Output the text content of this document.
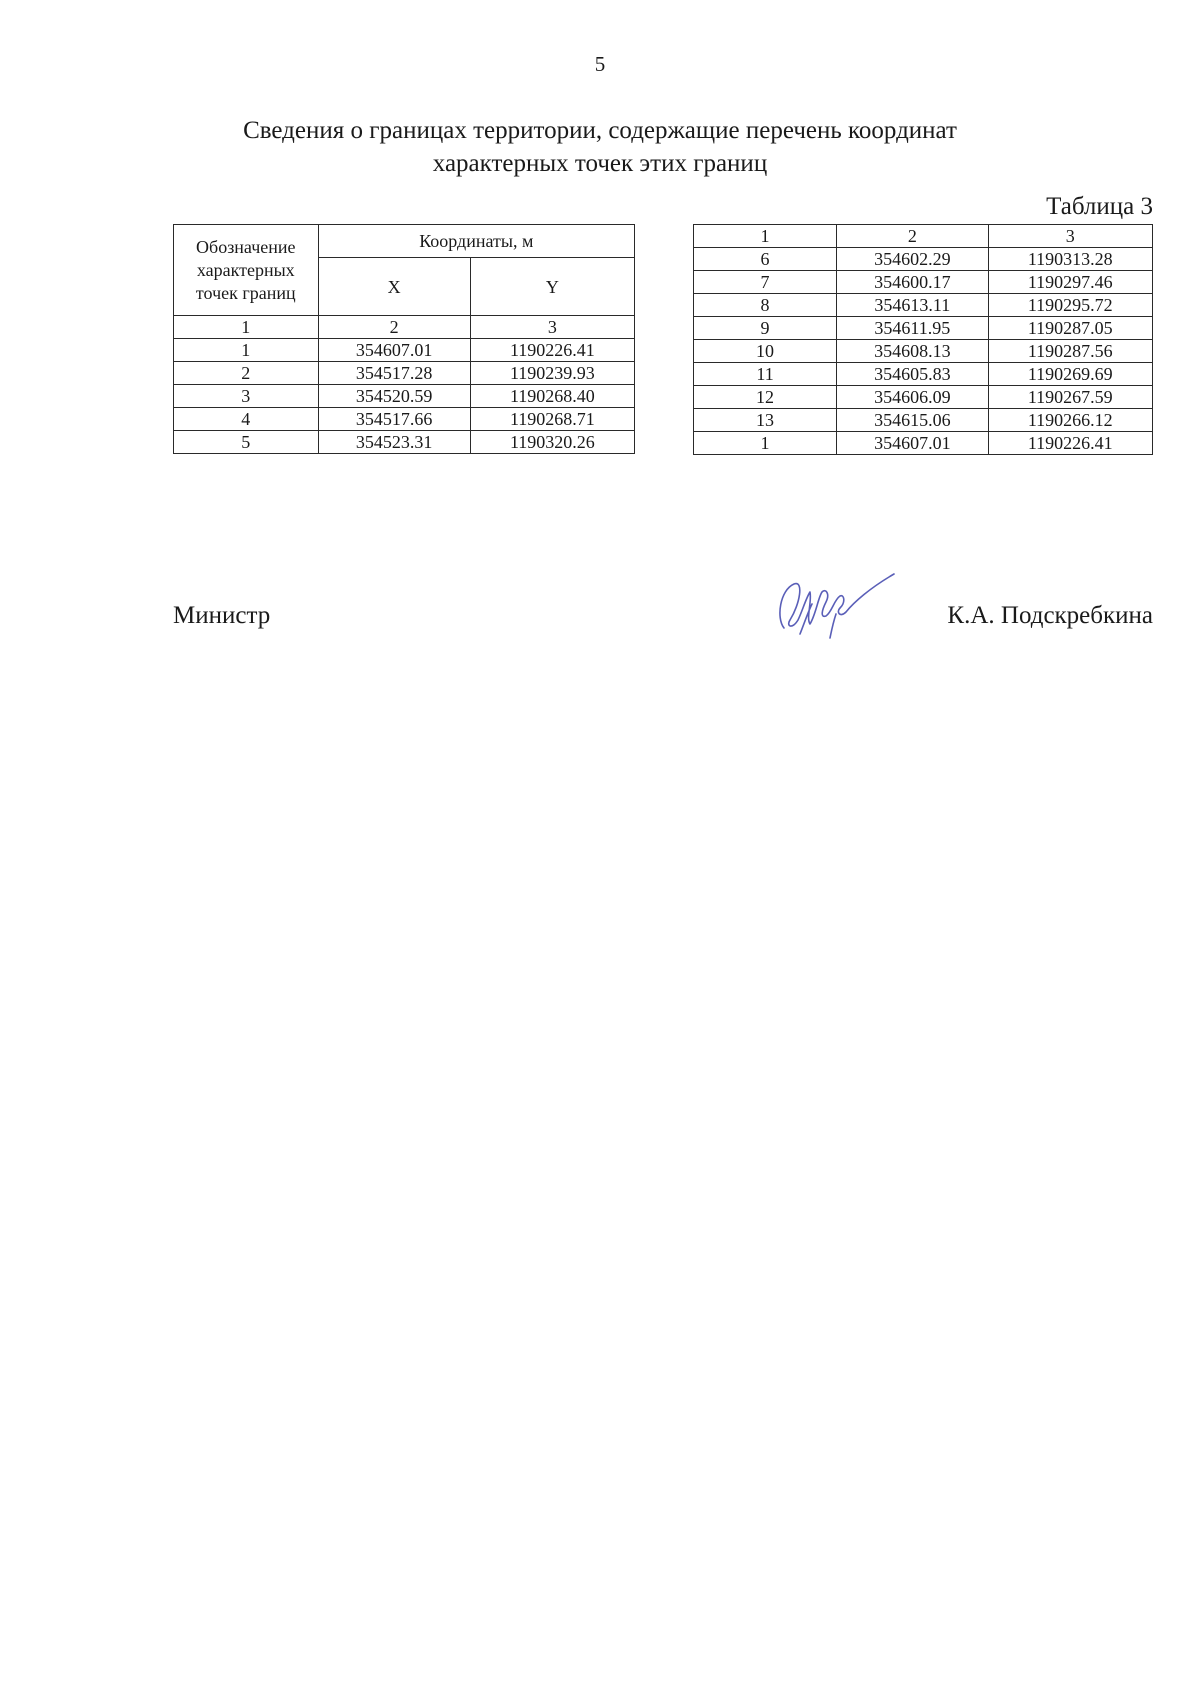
5
Сведения о границах территории, содержащие перечень координат
характерных точек этих границ
Таблица 3
Обозначение характерных точек границ	Координаты, м	
	X	Y
1	2	3
1	354607.01	1190226.41
2	354517.28	1190239.93
3	354520.59	1190268.40
4	354517.66	1190268.71
5	354523.31	1190320.26
1	2	3
6	354602.29	1190313.28
7	354600.17	1190297.46
8	354613.11	1190295.72
9	354611.95	1190287.05
10	354608.13	1190287.56
11	354605.83	1190269.69
12	354606.09	1190267.59
13	354615.06	1190266.12
1	354607.01	1190226.41
Министр	К.А. Подскребкина
